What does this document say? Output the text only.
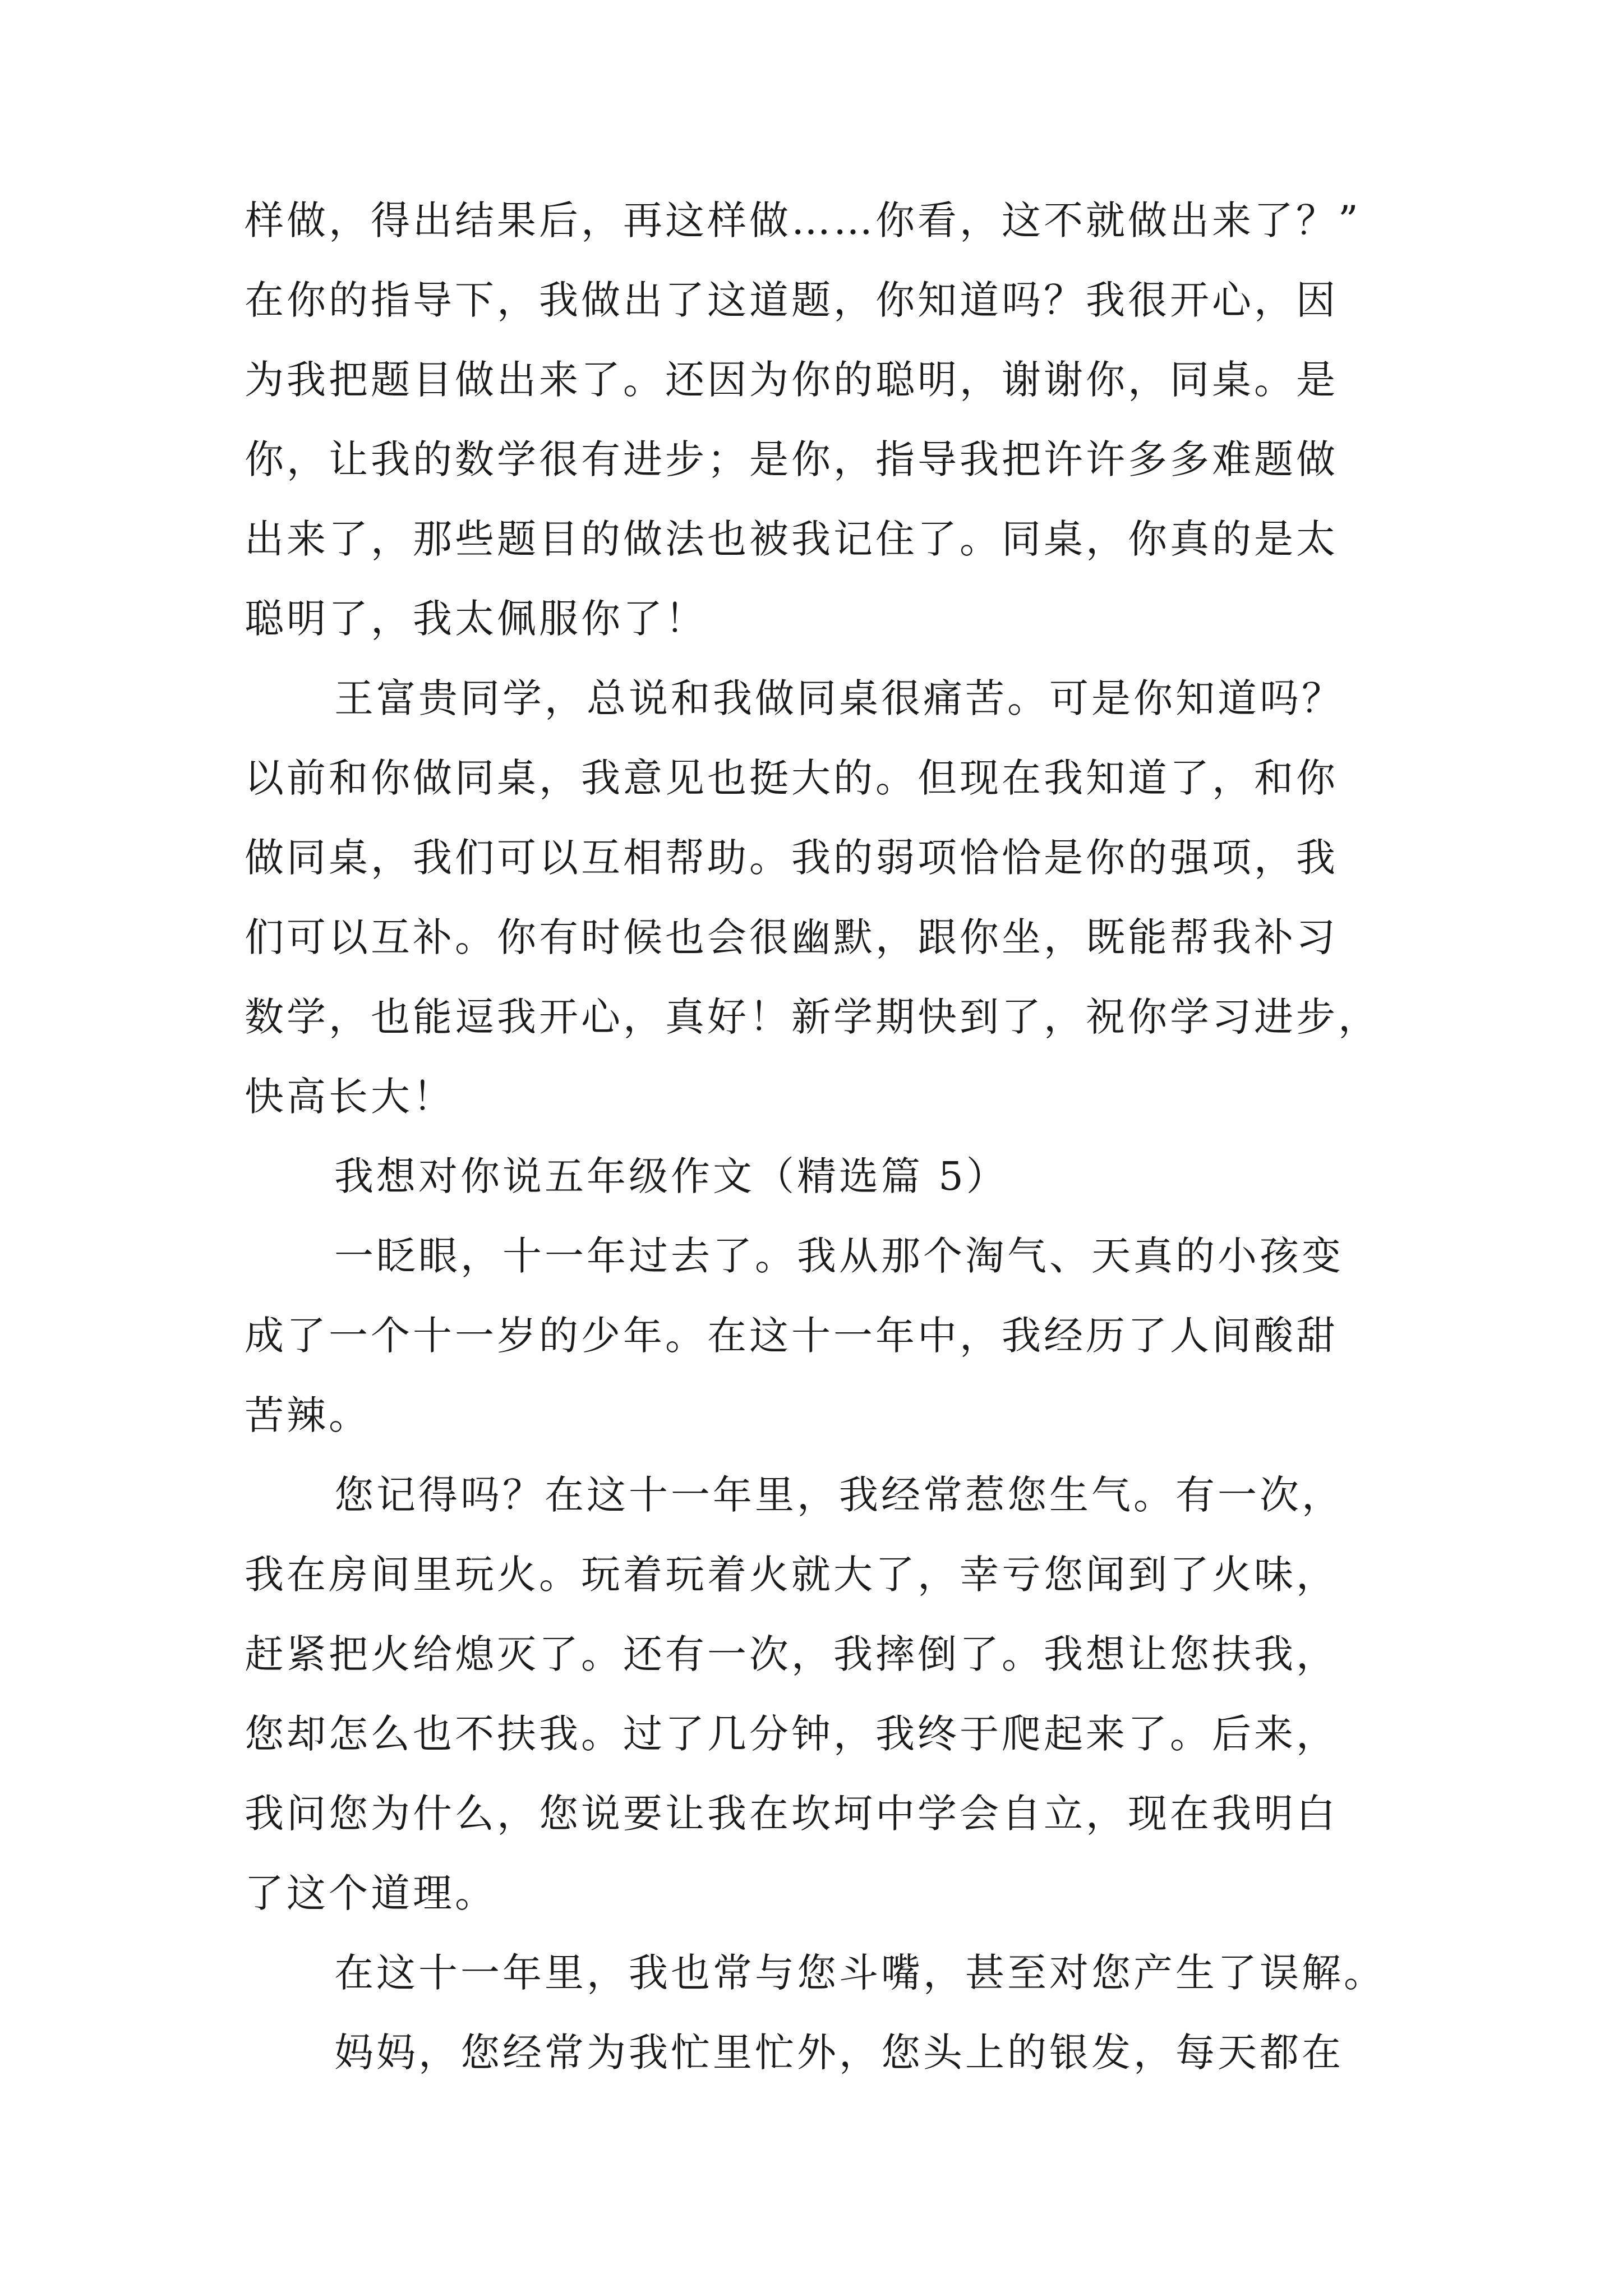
样做，得出结果后，再这样做……你看，这不就做出来了？”
在你的指导下，我做出了这道题，你知道吗？我很开心，因
为我把题目做出来了。还因为你的聪明，谢谢你，同桌。是
你，让我的数学很有进步；是你，指导我把许许多多难题做
出来了，那些题目的做法也被我记住了。同桌，你真的是太
聪明了，我太佩服你了！
王富贵同学，总说和我做同桌很痛苦。可是你知道吗？
以前和你做同桌，我意见也挺大的。但现在我知道了，和你
做同桌，我们可以互相帮助。我的弱项恰恰是你的强项，我
们可以互补。你有时候也会很幽默，跟你坐，既能帮我补习
数学，也能逗我开心，真好！新学期快到了，祝你学习进步，
快高长大！
我想对你说五年级作文（精选篇 5）
一眨眼，十一年过去了。我从那个淘气、天真的小孩变
成了一个十一岁的少年。在这十一年中，我经历了人间酸甜
苦辣。
您记得吗？在这十一年里，我经常惹您生气。有一次，
我在房间里玩火。玩着玩着火就大了，幸亏您闻到了火味，
赶紧把火给熄灭了。还有一次，我摔倒了。我想让您扶我，
您却怎么也不扶我。过了几分钟，我终于爬起来了。后来，
我问您为什么，您说要让我在坎坷中学会自立，现在我明白
了这个道理。
在这十一年里，我也常与您斗嘴，甚至对您产生了误解。
妈妈，您经常为我忙里忙外，您头上的银发，每天都在
